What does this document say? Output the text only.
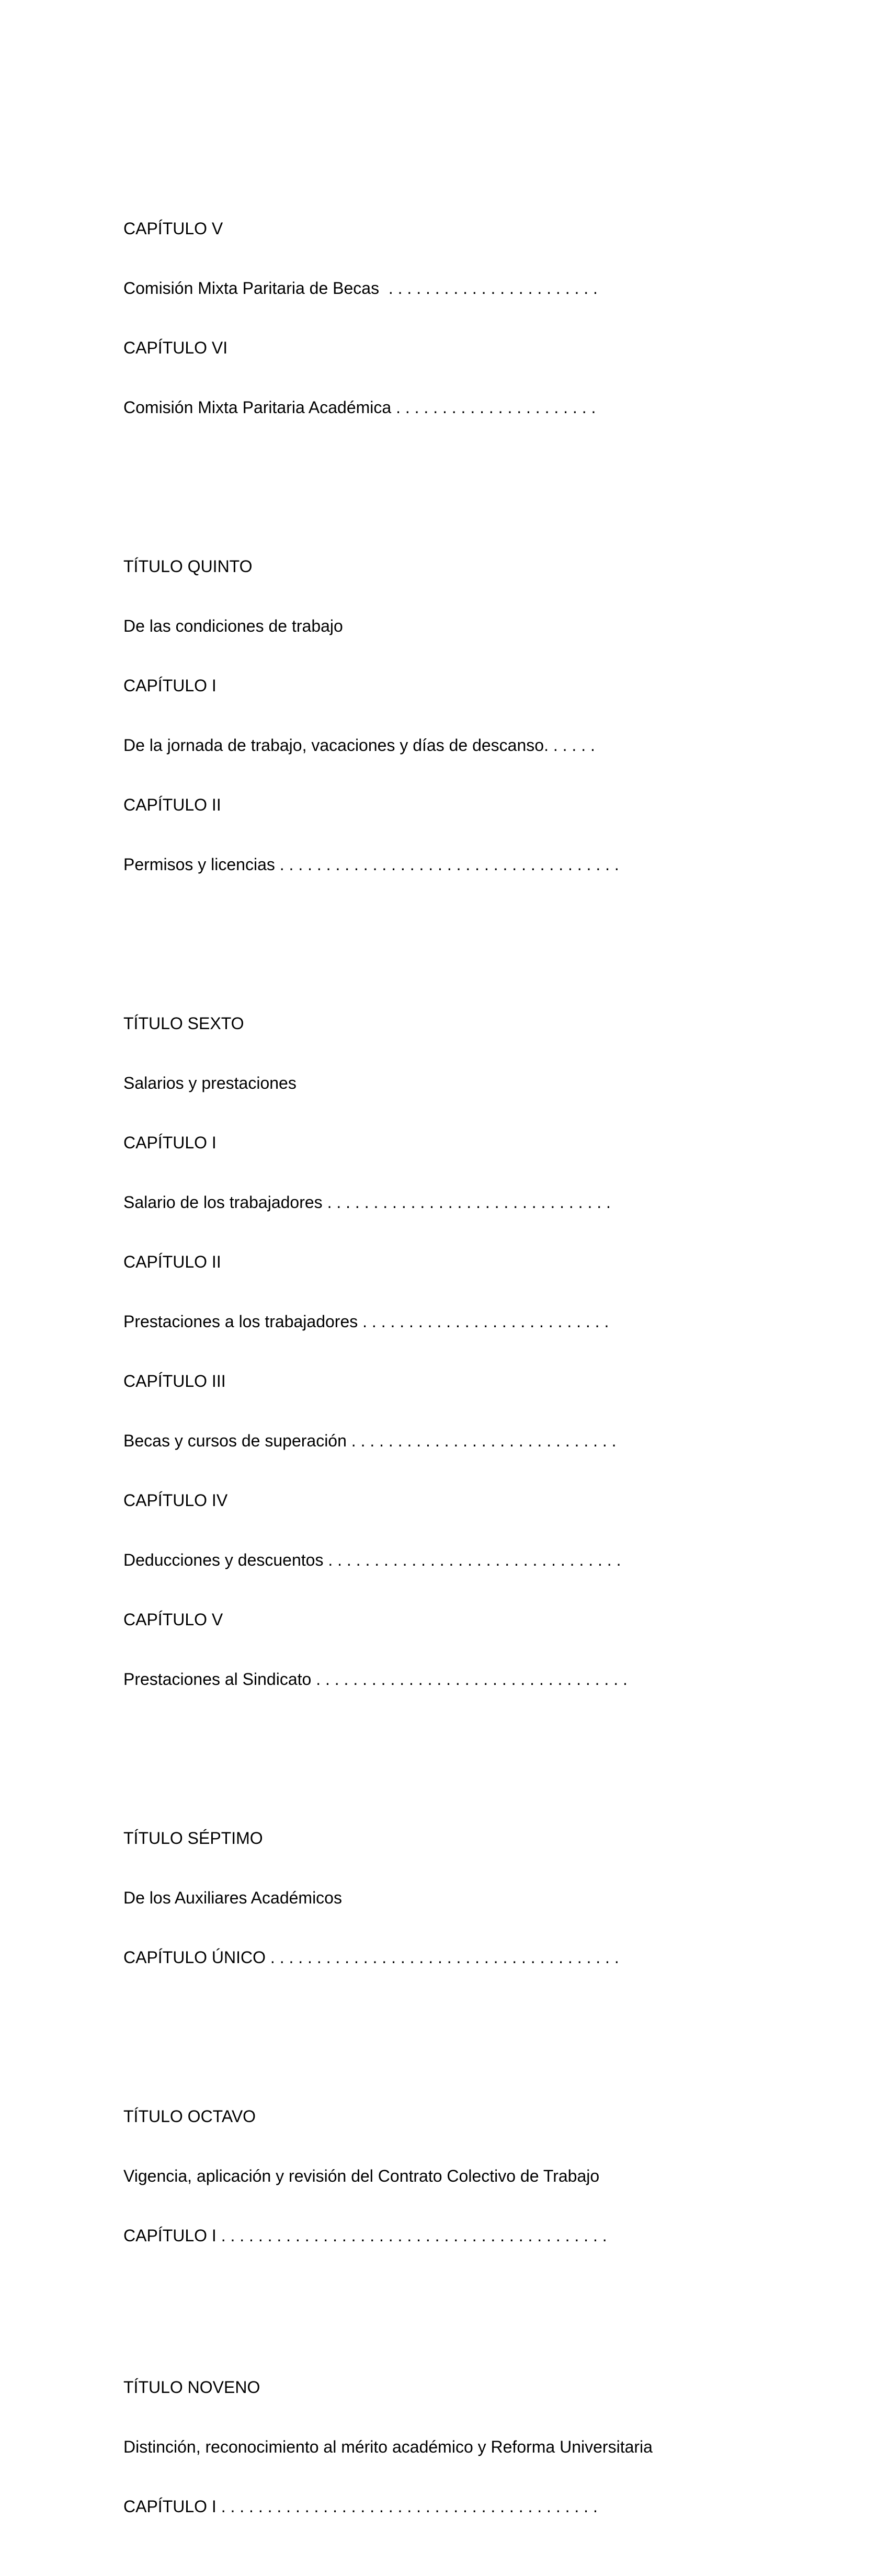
CAPÍTULO V

Comisión Mixta Paritaria de Becas  . . . . . . . . . . . . . . . . . . . . . . .

CAPÍTULO VI

Comisión Mixta Paritaria Académica . . . . . . . . . . . . . . . . . . . . . .

TÍTULO QUINTO

De las condiciones de trabajo

CAPÍTULO I

De la jornada de trabajo, vacaciones y días de descanso. . . . . .

CAPÍTULO II

Permisos y licencias . . . . . . . . . . . . . . . . . . . . . . . . . . . . . . . . . . . . .

TÍTULO SEXTO

Salarios y prestaciones

CAPÍTULO I

Salario de los trabajadores . . . . . . . . . . . . . . . . . . . . . . . . . . . . . . .

CAPÍTULO II

Prestaciones a los trabajadores . . . . . . . . . . . . . . . . . . . . . . . . . . .

CAPÍTULO III

Becas y cursos de superación . . . . . . . . . . . . . . . . . . . . . . . . . . . . .

CAPÍTULO IV

Deducciones y descuentos . . . . . . . . . . . . . . . . . . . . . . . . . . . . . . . .

CAPÍTULO V

Prestaciones al Sindicato . . . . . . . . . . . . . . . . . . . . . . . . . . . . . . . . . .

TÍTULO SÉPTIMO

De los Auxiliares Académicos

CAPÍTULO ÚNICO . . . . . . . . . . . . . . . . . . . . . . . . . . . . . . . . . . . . . .

TÍTULO OCTAVO

Vigencia, aplicación y revisión del Contrato Colectivo de Trabajo

CAPÍTULO I . . . . . . . . . . . . . . . . . . . . . . . . . . . . . . . . . . . . . . . . . .

TÍTULO NOVENO

Distinción, reconocimiento al mérito académico y Reforma Universitaria

CAPÍTULO I . . . . . . . . . . . . . . . . . . . . . . . . . . . . . . . . . . . . . . . . .
